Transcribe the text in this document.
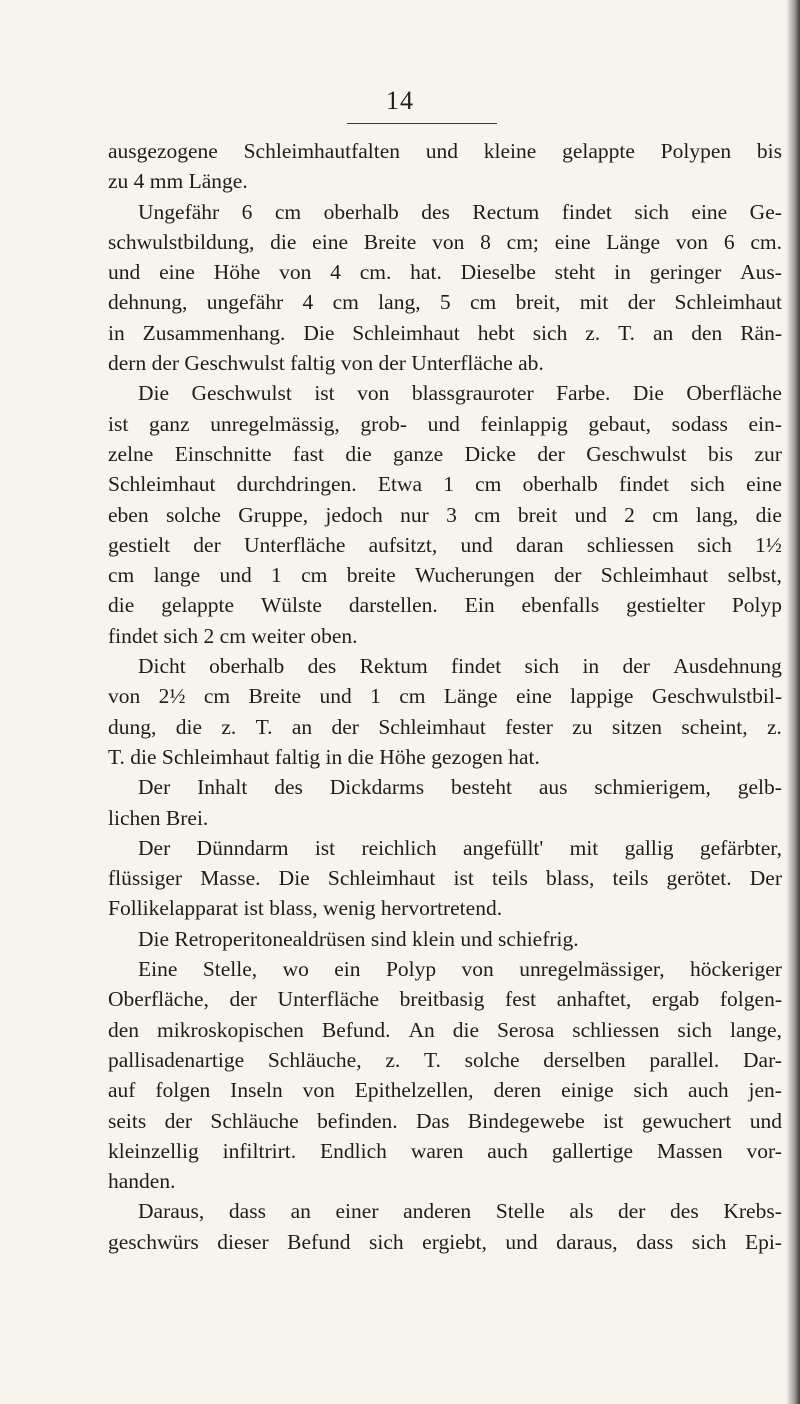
14
ausgezogene Schleimhautfalten und kleine gelappte Polypen bis
zu 4 mm Länge.
Ungefähr 6 cm oberhalb des Rectum findet sich eine Ge-
schwulstbildung, die eine Breite von 8 cm; eine Länge von 6 cm.
und eine Höhe von 4 cm. hat. Dieselbe steht in geringer Aus-
dehnung, ungefähr 4 cm lang, 5 cm breit, mit der Schleimhaut
in Zusammenhang. Die Schleimhaut hebt sich z. T. an den Rän-
dern der Geschwulst faltig von der Unterfläche ab.
Die Geschwulst ist von blassgrauroter Farbe. Die Oberfläche
ist ganz unregelmässig, grob- und feinlappig gebaut, sodass ein-
zelne Einschnitte fast die ganze Dicke der Geschwulst bis zur
Schleimhaut durchdringen. Etwa 1 cm oberhalb findet sich eine
eben solche Gruppe, jedoch nur 3 cm breit und 2 cm lang, die
gestielt der Unterfläche aufsitzt, und daran schliessen sich 1½
cm lange und 1 cm breite Wucherungen der Schleimhaut selbst,
die gelappte Wülste darstellen. Ein ebenfalls gestielter Polyp
findet sich 2 cm weiter oben.
Dicht oberhalb des Rektum findet sich in der Ausdehnung
von 2½ cm Breite und 1 cm Länge eine lappige Geschwulstbil-
dung, die z. T. an der Schleimhaut fester zu sitzen scheint, z.
T. die Schleimhaut faltig in die Höhe gezogen hat.
Der Inhalt des Dickdarms besteht aus schmierigem, gelb-
lichen Brei.
Der Dünndarm ist reichlich angefüllt' mit gallig gefärbter,
flüssiger Masse. Die Schleimhaut ist teils blass, teils gerötet. Der
Follikelapparat ist blass, wenig hervortretend.
Die Retroperitonealdrüsen sind klein und schiefrig.
Eine Stelle, wo ein Polyp von unregelmässiger, höckeriger
Oberfläche, der Unterfläche breitbasig fest anhaftet, ergab folgen-
den mikroskopischen Befund. An die Serosa schliessen sich lange,
pallisadenartige Schläuche, z. T. solche derselben parallel. Dar-
auf folgen Inseln von Epithelzellen, deren einige sich auch jen-
seits der Schläuche befinden. Das Bindegewebe ist gewuchert und
kleinzellig infiltrirt. Endlich waren auch gallertige Massen vor-
handen.
Daraus, dass an einer anderen Stelle als der des Krebs-
geschwürs dieser Befund sich ergiebt, und daraus, dass sich Epi-
